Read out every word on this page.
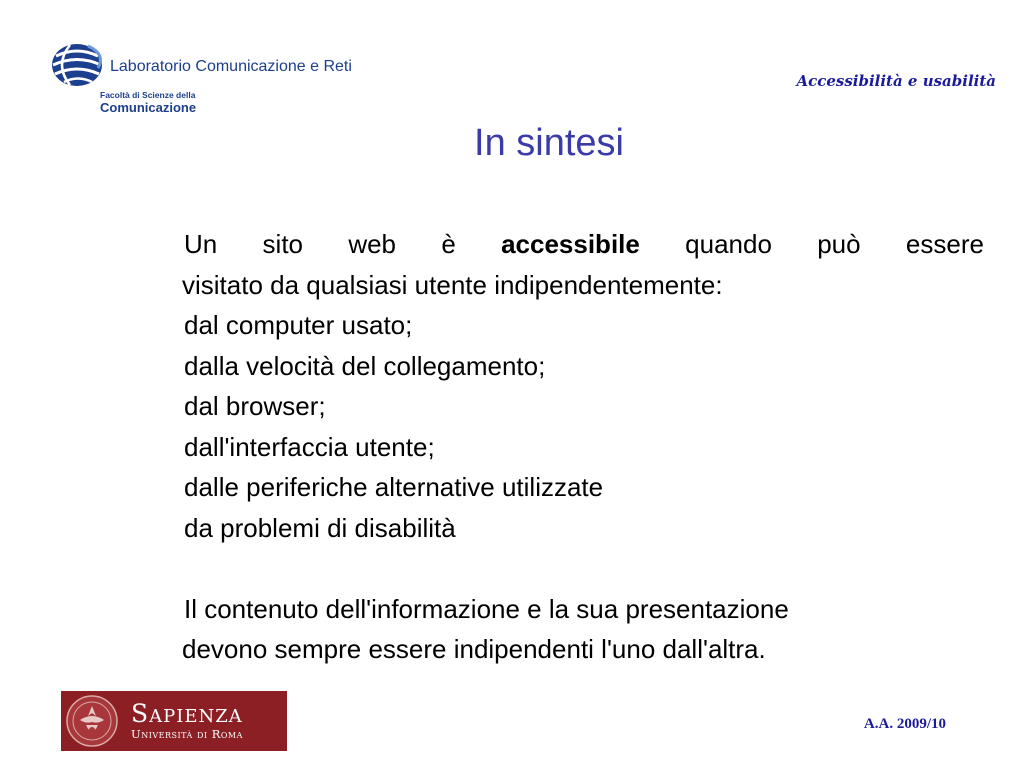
Laboratorio Comunicazione e Reti
Facoltà di Scienze della
Comunicazione
Accessibilità e usabilità
In sintesi
Un sito web è accessibile quando può essere
visitato da qualsiasi utente indipendentemente:
dal computer usato;
dalla velocità del collegamento;
dal browser;
dall'interfaccia utente;
dalle periferiche alternative utilizzate
da problemi di disabilità
Il contenuto dell'informazione e la sua presentazione
devono sempre essere indipendenti l'uno dall'altra.
Sapienza
Università di Roma
A.A. 2009/10
